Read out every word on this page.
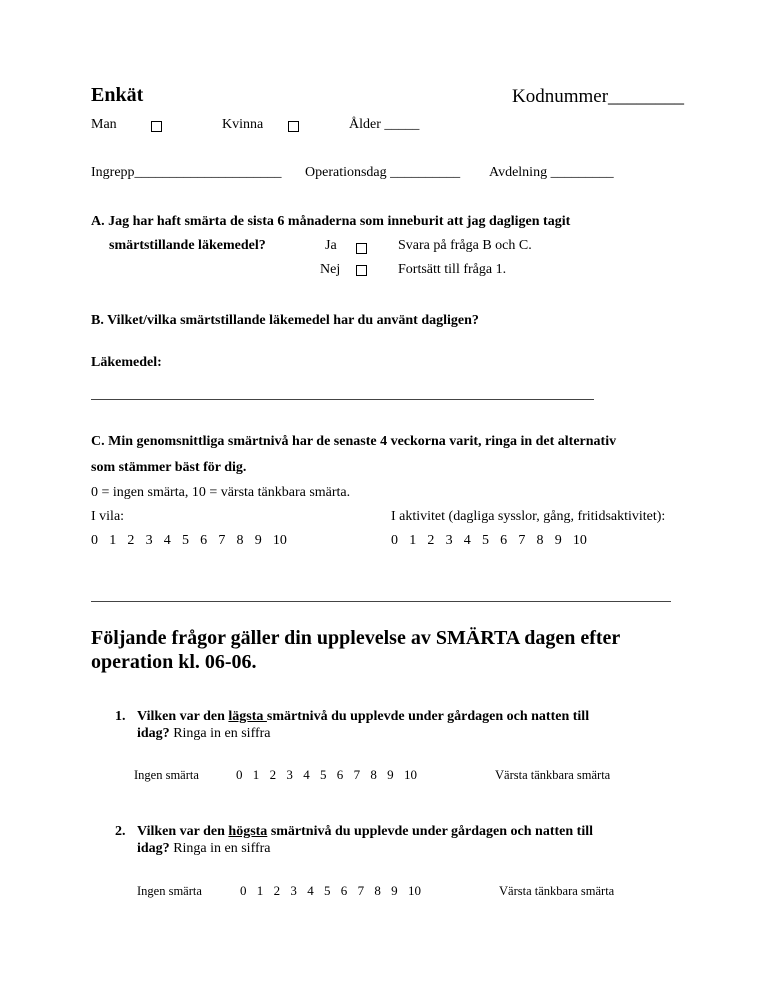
Enkät	Kodnummer________
Man	Kvinna	Ålder _____
Ingrepp_____________________ Operationsdag __________ Avdelning _________
A. Jag har haft smärta de sista 6 månaderna som inneburit att jag dagligen tagit
smärtstillande läkemedel?	Ja	Svara på fråga B och C.
Nej	Fortsätt till fråga 1.
B. Vilket/vilka smärtstillande läkemedel har du använt dagligen?
Läkemedel:
C. Min genomsnittliga smärtnivå har de senaste 4 veckorna varit, ringa in det alternativ
som stämmer bäst för dig.
0 = ingen smärta, 10 = värsta tänkbara smärta.
I vila:	I aktivitet (dagliga sysslor, gång, fritidsaktivitet):
0 1 2 3 4 5 6 7 8 9 10	0 1 2 3 4 5 6 7 8 9 10
Följande frågor gäller din upplevelse av SMÄRTA dagen efter
operation kl. 06-06.
1. Vilken var den lägsta smärtnivå du upplevde under gårdagen och natten till
idag? Ringa in en siffra
Ingen smärta	0 1 2 3 4 5 6 7 8 9 10	Värsta tänkbara smärta
2. Vilken var den högsta smärtnivå du upplevde under gårdagen och natten till
idag? Ringa in en siffra
Ingen smärta	0 1 2 3 4 5 6 7 8 9 10	Värsta tänkbara smärta
